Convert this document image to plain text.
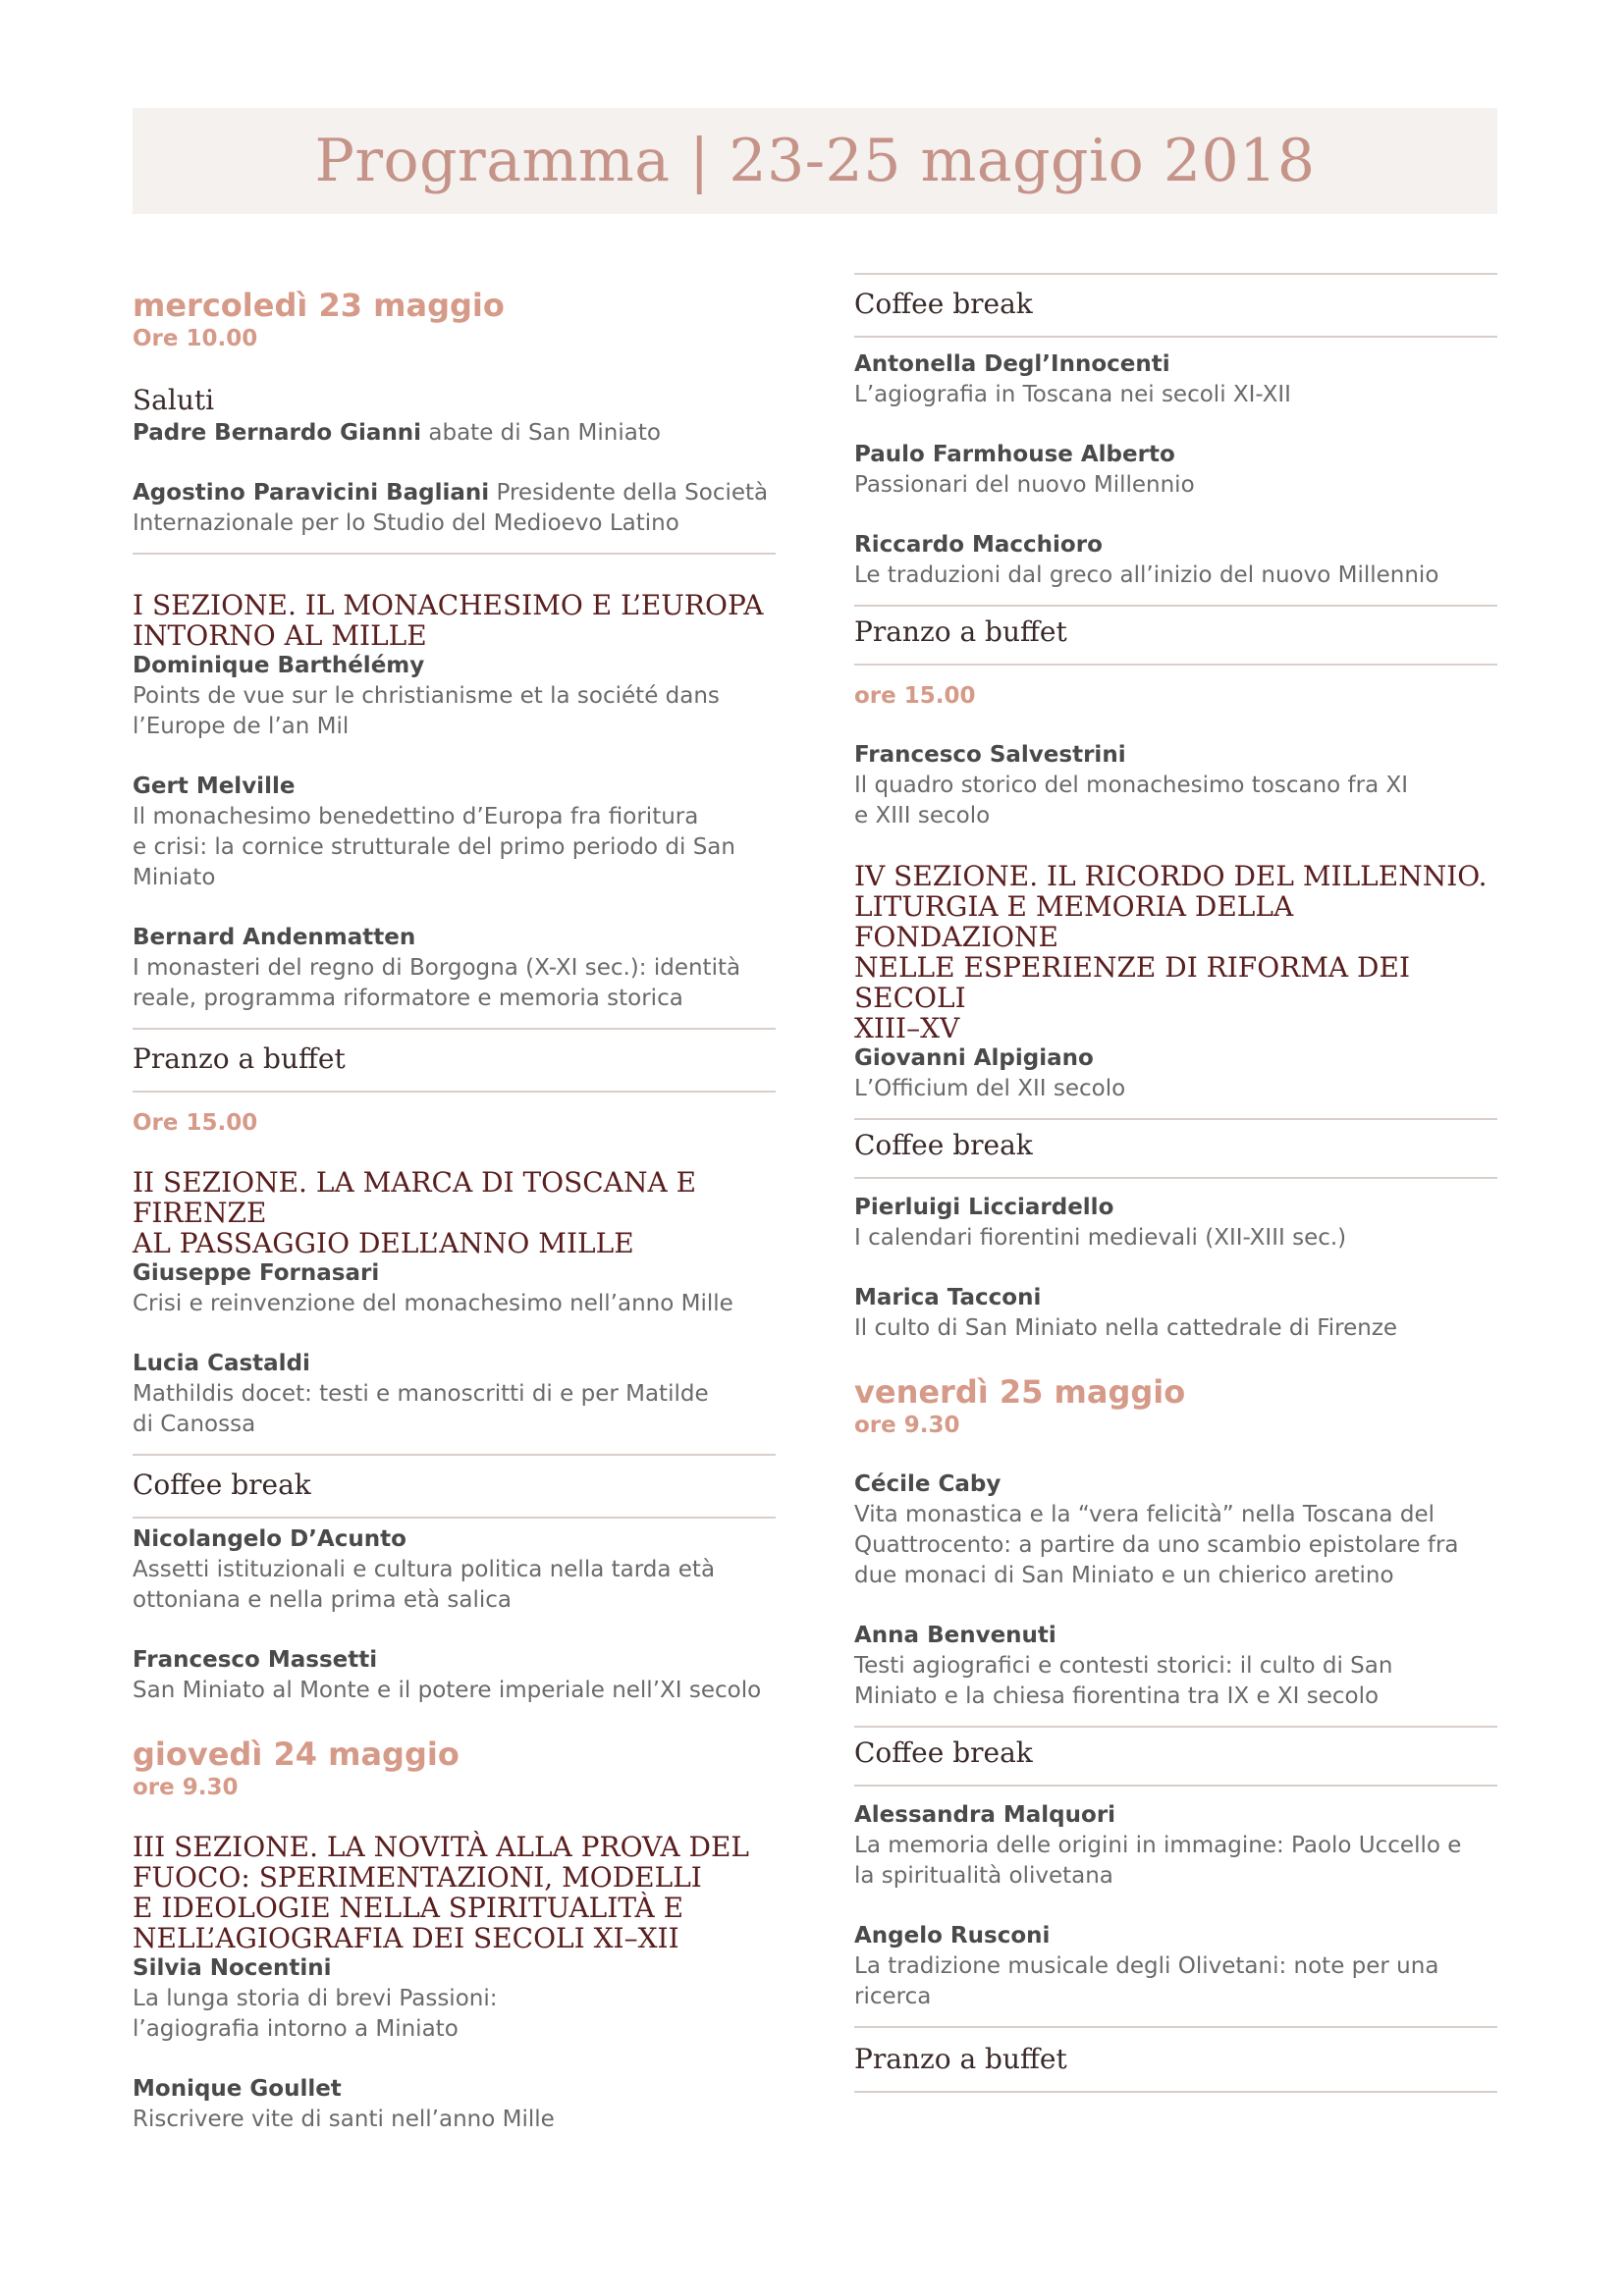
Programma | 23-25 maggio 2018
mercoledì 23 maggio
Ore 10.00
Saluti
Padre Bernardo Gianni abate di San Miniato
Agostino Paravicini Bagliani Presidente della Società
Internazionale per lo Studio del Medioevo Latino
I SEZIONE. IL MONACHESIMO E L’EUROPA
INTORNO AL MILLE
Dominique Barthélémy
Points de vue sur le christianisme et la société dans
l’Europe de l’an Mil
Gert Melville
Il monachesimo benedettino d’Europa fra fioritura
e crisi: la cornice strutturale del primo periodo di San
Miniato
Bernard Andenmatten
I monasteri del regno di Borgogna (X-XI sec.): identità
reale, programma riformatore e memoria storica
Pranzo a buffet
Ore 15.00
II SEZIONE. LA MARCA DI TOSCANA E FIRENZE
AL PASSAGGIO DELL’ANNO MILLE
Giuseppe Fornasari
Crisi e reinvenzione del monachesimo nell’anno Mille
Lucia Castaldi
Mathildis docet: testi e manoscritti di e per Matilde
di Canossa
Coffee break
Nicolangelo D’Acunto
Assetti istituzionali e cultura politica nella tarda età
ottoniana e nella prima età salica
Francesco Massetti
San Miniato al Monte e il potere imperiale nell’XI secolo
giovedì 24 maggio
ore 9.30
III SEZIONE. LA NOVITÀ ALLA PROVA DEL
FUOCO: SPERIMENTAZIONI, MODELLI
E IDEOLOGIE NELLA SPIRITUALITÀ E
NELL’AGIOGRAFIA DEI SECOLI XI–XII
Silvia Nocentini
La lunga storia di brevi Passioni:
l’agiografia intorno a Miniato
Monique Goullet
Riscrivere vite di santi nell’anno Mille
Coffee break
Antonella Degl’Innocenti
L’agiografia in Toscana nei secoli XI-XII
Paulo Farmhouse Alberto
Passionari del nuovo Millennio
Riccardo Macchioro
Le traduzioni dal greco all’inizio del nuovo Millennio
Pranzo a buffet
ore 15.00
Francesco Salvestrini
Il quadro storico del monachesimo toscano fra XI
e XIII secolo
IV SEZIONE. IL RICORDO DEL MILLENNIO.
LITURGIA E MEMORIA DELLA FONDAZIONE
NELLE ESPERIENZE DI RIFORMA DEI SECOLI
XIII–XV
Giovanni Alpigiano
L’Officium del XII secolo
Coffee break
Pierluigi Licciardello
I calendari fiorentini medievali (XII-XIII sec.)
Marica Tacconi
Il culto di San Miniato nella cattedrale di Firenze
venerdì 25 maggio
ore 9.30
Cécile Caby
Vita monastica e la “vera felicità” nella Toscana del
Quattrocento: a partire da uno scambio epistolare fra
due monaci di San Miniato e un chierico aretino
Anna Benvenuti
Testi agiografici e contesti storici: il culto di San
Miniato e la chiesa fiorentina tra IX e XI secolo
Coffee break
Alessandra Malquori
La memoria delle origini in immagine: Paolo Uccello e
la spiritualità olivetana
Angelo Rusconi
La tradizione musicale degli Olivetani: note per una
ricerca
Pranzo a buffet
